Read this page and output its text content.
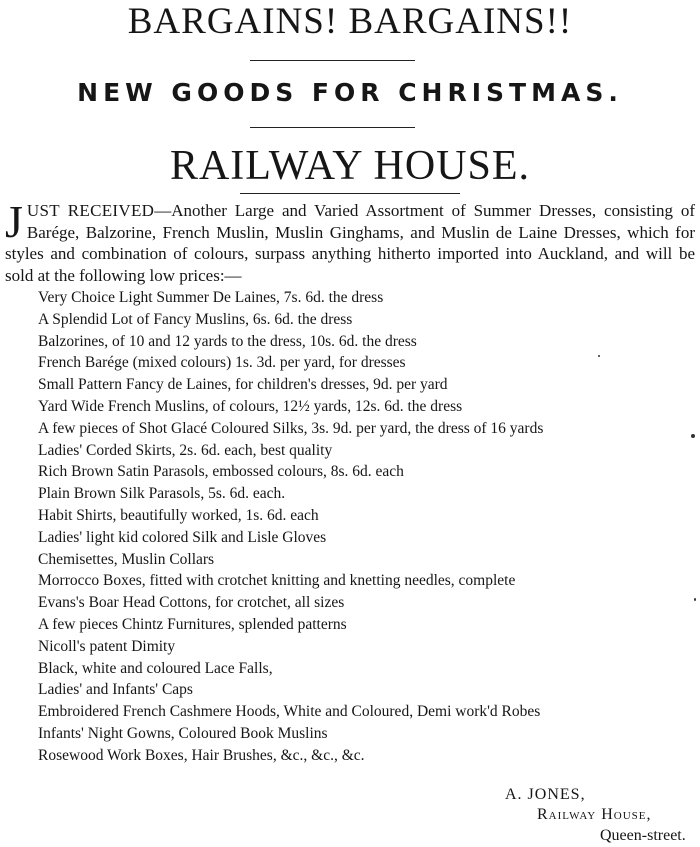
BARGAINS! BARGAINS!!
NEW GOODS FOR CHRISTMAS.
RAILWAY HOUSE.
JUST RECEIVED—Another Large and Varied Assortment of Summer Dresses, consisting of Barége, Balzorine, French Muslin, Muslin Ginghams, and Muslin de Laine Dresses, which for styles and combination of colours, surpass anything hitherto imported into Auckland, and will be sold at the following low prices:—
Very Choice Light Summer De Laines, 7s. 6d. the dress
A Splendid Lot of Fancy Muslins, 6s. 6d. the dress
Balzorines, of 10 and 12 yards to the dress, 10s. 6d. the dress
French Barége (mixed colours) 1s. 3d. per yard, for dresses
Small Pattern Fancy de Laines, for children's dresses, 9d. per yard
Yard Wide French Muslins, of colours, 12½ yards, 12s. 6d. the dress
A few pieces of Shot Glacé Coloured Silks, 3s. 9d. per yard, the dress of 16 yards
Ladies' Corded Skirts, 2s. 6d. each, best quality
Rich Brown Satin Parasols, embossed colours, 8s. 6d. each
Plain Brown Silk Parasols, 5s. 6d. each.
Habit Shirts, beautifully worked, 1s. 6d. each
Ladies' light kid colored Silk and Lisle Gloves
Chemisettes, Muslin Collars
Morrocco Boxes, fitted with crotchet knitting and knetting needles, complete
Evans's Boar Head Cottons, for crotchet, all sizes
A few pieces Chintz Furnitures, splended patterns
Nicoll's patent Dimity
Black, white and coloured Lace Falls,
Ladies' and Infants' Caps
Embroidered French Cashmere Hoods, White and Coloured, Demi work'd Robes
Infants' Night Gowns, Coloured Book Muslins
Rosewood Work Boxes, Hair Brushes, &c., &c., &c.
A. JONES,
Railway House,
Queen-street.
